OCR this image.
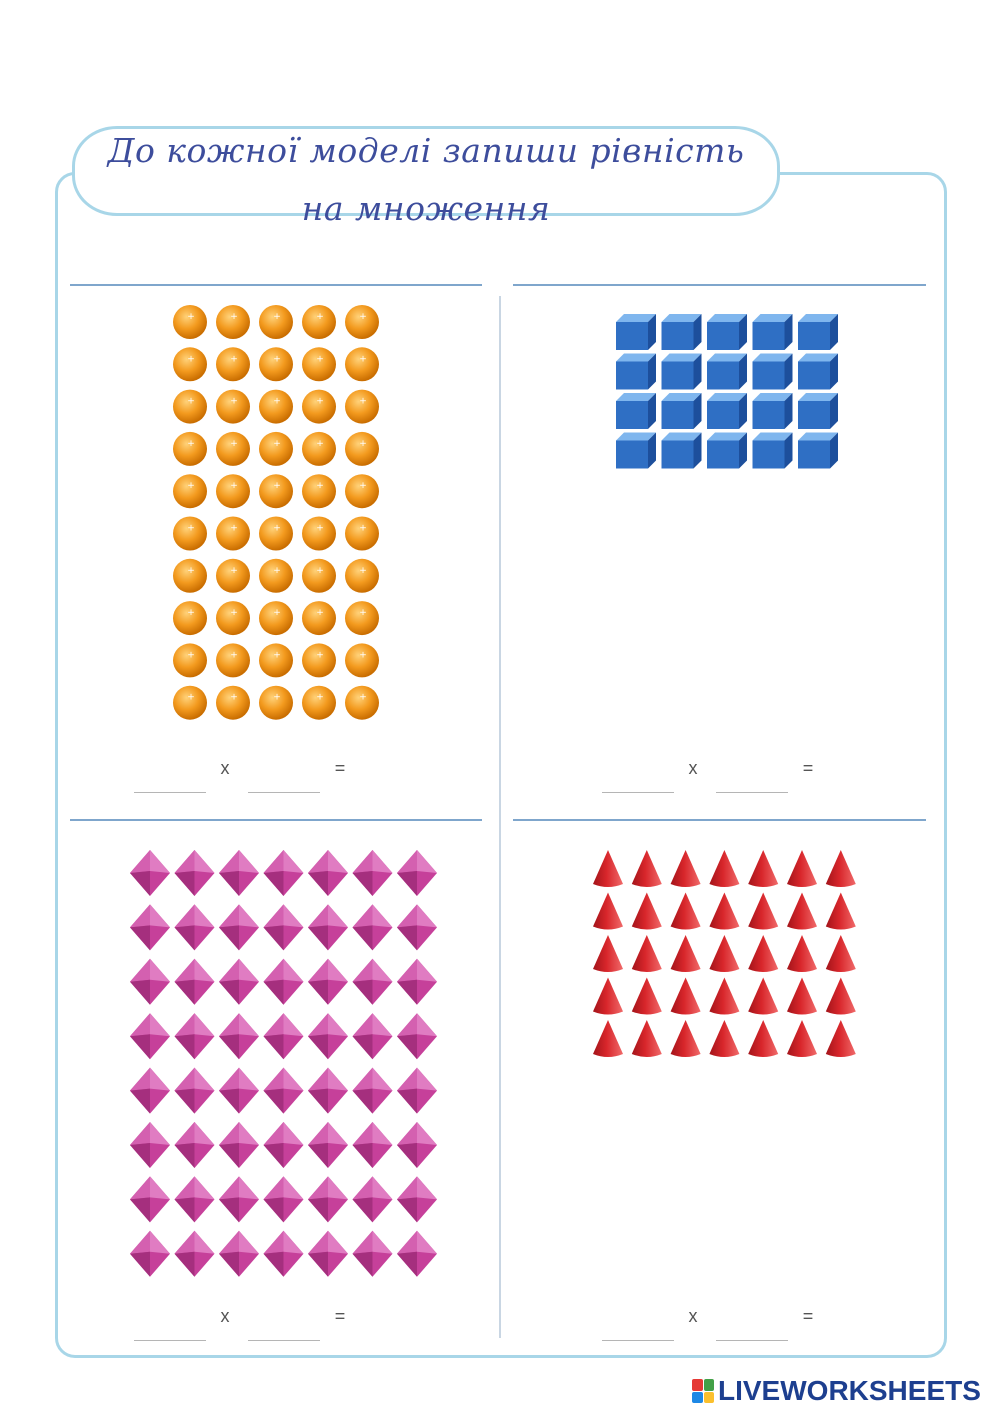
До кожної моделі запиши рівність
на множення
+	+	+	+	+
+	+	+	+	+
+	+	+	+	+
+	+	+	+	+
+	+	+	+	+
+	+	+	+	+
+	+	+	+	+
+	+	+	+	+
+	+	+	+	+
+	+	+	+	+
x	=	x	=
x	=	x	=
LIVEWORKSHEETS
